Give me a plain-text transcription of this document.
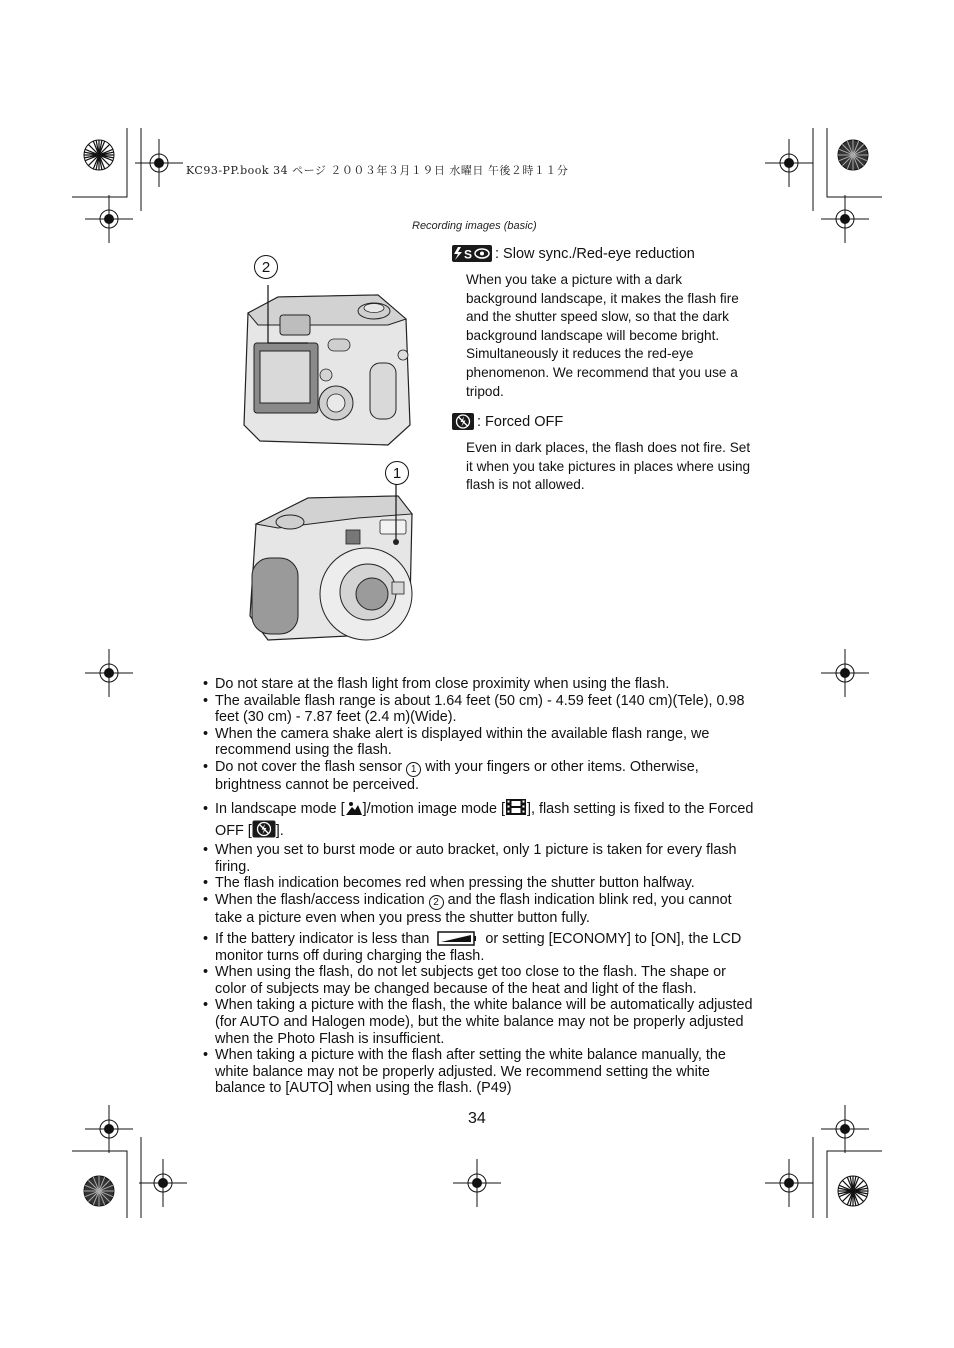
KC93-PP.book 34 ページ ２００３年３月１９日 水曜日 午後２時１１分
Recording images (basic)
2
1
S : Slow sync./Red-eye reduction
When you take a picture with a dark background landscape, it makes the flash fire and the shutter speed slow, so that the dark background landscape will become bright. Simultaneously it reduces the red-eye phenomenon. We recommend that you use a tripod.
: Forced OFF
Even in dark places, the flash does not fire. Set it when you take pictures in places where using flash is not allowed.
• Do not stare at the flash light from close proximity when using the flash.
• The available flash range is about 1.64 feet (50 cm) - 4.59 feet (140 cm)(Tele), 0.98 feet (30 cm) - 7.87 feet (2.4 m)(Wide).
• When the camera shake alert is displayed within the available flash range, we recommend using the flash.
• Do not cover the flash sensor 1 with your fingers or other items. Otherwise, brightness cannot be perceived.
• In landscape mode [ ]/motion image mode [ ], flash setting is fixed to the Forced OFF [ ].
• When you set to burst mode or auto bracket, only 1 picture is taken for every flash firing.
• The flash indication becomes red when pressing the shutter button halfway.
• When the flash/access indication 2 and the flash indication blink red, you cannot take a picture even when you press the shutter button fully.
• If the battery indicator is less than	or setting [ECONOMY] to [ON], the LCD monitor turns off during charging the flash.
• When using the flash, do not let subjects get too close to the flash. The shape or color of subjects may be changed because of the heat and light of the flash.
• When taking a picture with the flash, the white balance will be automatically adjusted (for AUTO and Halogen mode), but the white balance may not be properly adjusted when the Photo Flash is insufficient.
• When taking a picture with the flash after setting the white balance manually, the white balance may not be properly adjusted. We recommend setting the white balance to [AUTO] when using the flash. (P49)
34
